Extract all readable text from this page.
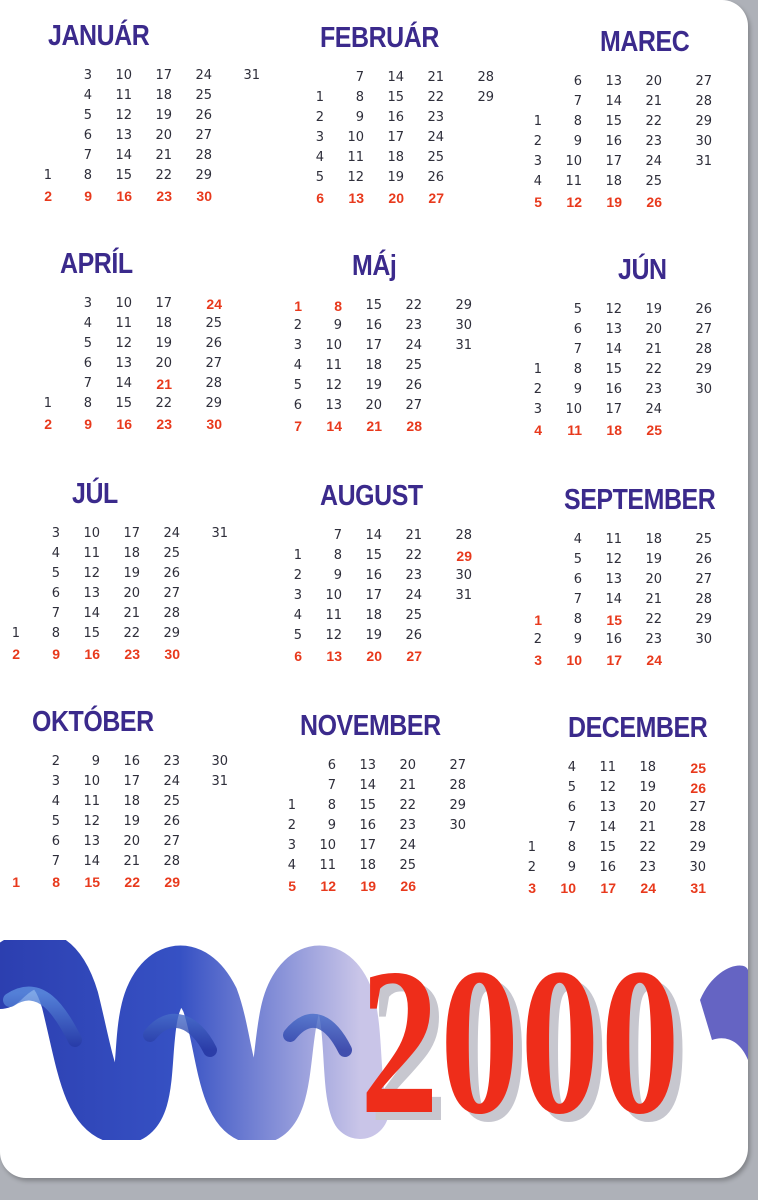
JANUÁR
3	10	17	24	31
4	11	18	25
5	12	19	26
6	13	20	27
7	14	21	28
1	8	15	22	29
2	9	16	23	30
FEBRUÁR
7	14	21	28
1	8	15	22	29
2	9	16	23
3	10	17	24
4	11	18	25
5	12	19	26
6	13	20	27
MAREC
6	13	20	27
7	14	21	28
1	8	15	22	29
2	9	16	23	30
3	10	17	24	31
4	11	18	25
5	12	19	26
APRÍL
3	10	17	24
4	11	18	25
5	12	19	26
6	13	20	27
7	14	21	28
1	8	15	22	29
2	9	16	23	30
MÁj
1	8	15	22	29
2	9	16	23	30
3	10	17	24	31
4	11	18	25
5	12	19	26
6	13	20	27
7	14	21	28
JÚN
5	12	19	26
6	13	20	27
7	14	21	28
1	8	15	22	29
2	9	16	23	30
3	10	17	24
4	11	18	25
JÚL
3	10	17	24	31
4	11	18	25
5	12	19	26
6	13	20	27
7	14	21	28
1	8	15	22	29
2	9	16	23	30
AUGUST
7	14	21	28
1	8	15	22	29
2	9	16	23	30
3	10	17	24	31
4	11	18	25
5	12	19	26
6	13	20	27
SEPTEMBER
4	11	18	25
5	12	19	26
6	13	20	27
7	14	21	28
1	8	15	22	29
2	9	16	23	30
3	10	17	24
OKTÓBER
2	9	16	23	30
3	10	17	24	31
4	11	18	25
5	12	19	26
6	13	20	27
7	14	21	28
1	8	15	22	29
NOVEMBER
6	13	20	27
7	14	21	28
1	8	15	22	29
2	9	16	23	30
3	10	17	24
4	11	18	25
5	12	19	26
DECEMBER
4	11	18	25
5	12	19	26
6	13	20	27
7	14	21	28
1	8	15	22	29
2	9	16	23	30
3	10	17	24	31
2000
